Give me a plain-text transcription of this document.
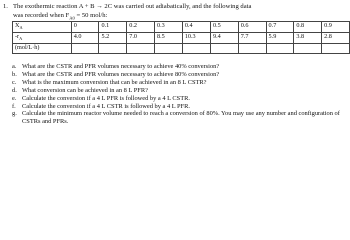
1. The exothermic reaction A + B → 2C was carried out adiabatically, and the following data
was recorded when $F_{A0} = 50$ mol/h:
$X_A$	0	0.1	0.2	0.3	0.4	0.5	0.6	0.7	0.8	0.9
$-r_A$	4.0	5.2	7.0	8.5	10.3	9.4	7.7	5.9	3.8	2.8
(mol/L·h)										
a. What are the CSTR and PFR volumes necessary to achieve 40% conversion?
b. What are the CSTR and PFR volumes necessary to achieve 80% conversion?
c. What is the maximum conversion that can be achieved in an 8 L CSTR?
d. What conversion can be achieved in an 8 L PFR?
e. Calculate the conversion if a 4 L PFR is followed by a 4 L CSTR.
f. Calculate the conversion if a 4 L CSTR is followed by a 4 L PFR.
g. Calculate the minimum reactor volume needed to reach a conversion of 80%. You may use any number and configuration of CSTRs and PFRs.
